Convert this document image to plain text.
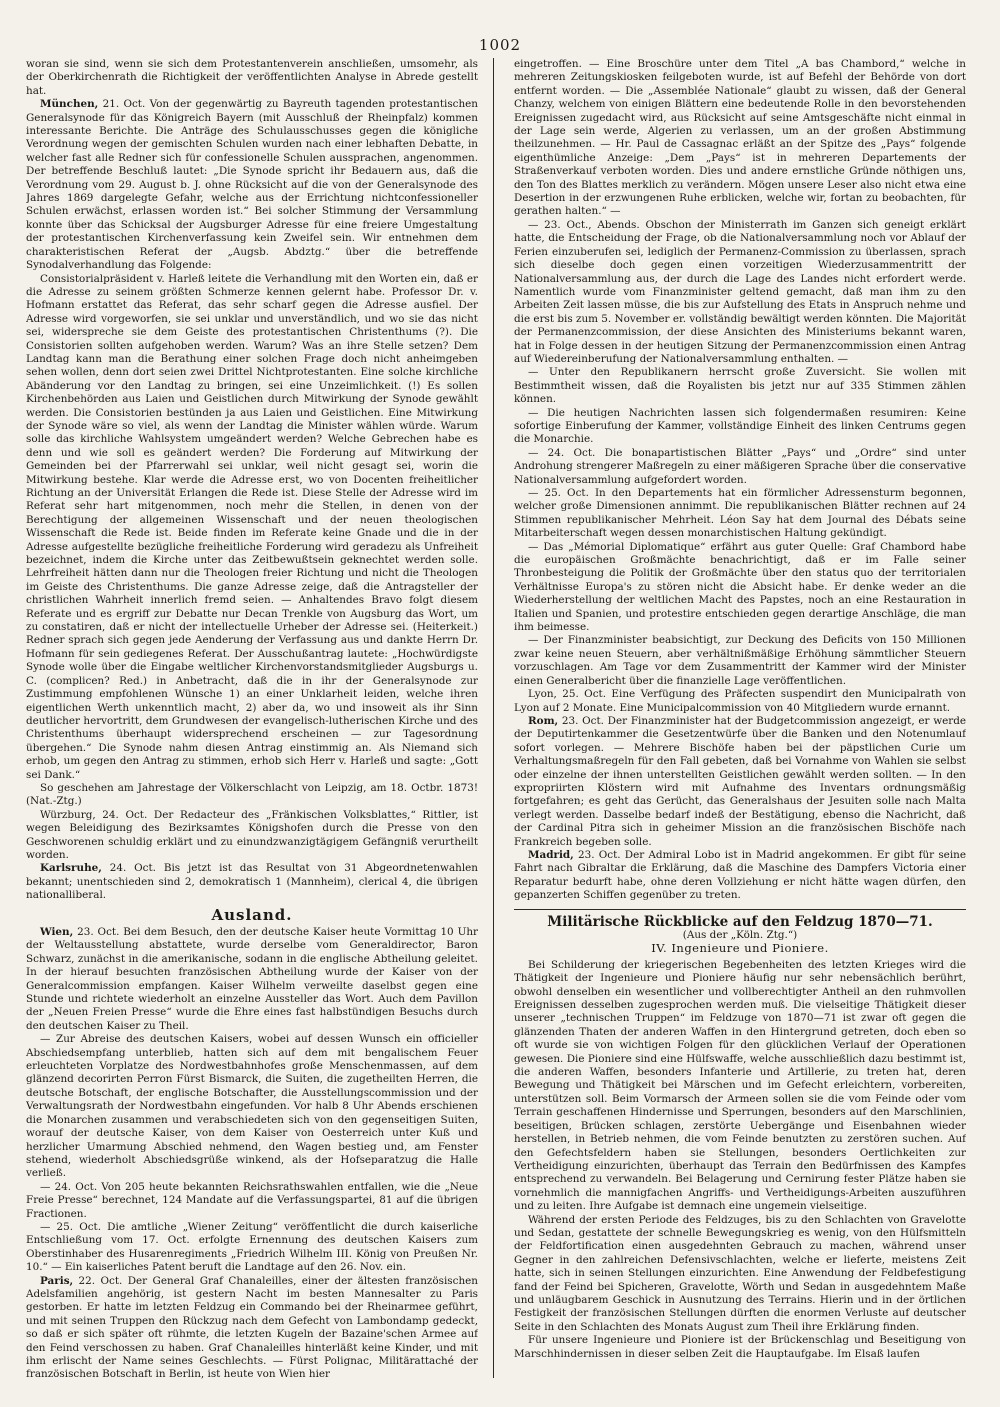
1002

woran sie sind, wenn sie sich dem Protestantenverein anschließen, umsomehr, als der Oberkirchenrath die Richtigkeit der veröffentlichten Analyse in Abrede gestellt hat.

München, 21. Oct. Von der gegenwärtig zu Bayreuth tagenden protestantischen Generalsynode für das Königreich Bayern (mit Ausschluß der Rheinpfalz) kommen interessante Berichte. Die Anträge des Schulausschusses gegen die königliche Verordnung wegen der gemischten Schulen wurden nach einer lebhaften Debatte, in welcher fast alle Redner sich für confessionelle Schulen aussprachen, angenommen. Der betreffende Beschluß lautet: „Die Synode spricht ihr Bedauern aus, daß die Verordnung vom 29. August b. J. ohne Rücksicht auf die von der Generalsynode des Jahres 1869 dargelegte Gefahr, welche aus der Errichtung nichtconfessioneller Schulen erwächst, erlassen worden ist.“ Bei solcher Stimmung der Versammlung konnte über das Schicksal der Augsburger Adresse für eine freiere Umgestaltung der protestantischen Kirchenverfassung kein Zweifel sein. Wir entnehmen dem charakteristischen Referat der „Augsb. Abdztg.“ über die betreffende Synodalverhandlung das Folgende:

Consistorialpräsident v. Harleß leitete die Verhandlung mit den Worten ein, daß er die Adresse zu seinem größten Schmerze kennen gelernt habe. Professor Dr. v. Hofmann erstattet das Referat, das sehr scharf gegen die Adresse ausfiel. Der Adresse wird vorgeworfen, sie sei unklar und unverständlich, und wo sie das nicht sei, widerspreche sie dem Geiste des protestantischen Christenthums (?). Die Consistorien sollten aufgehoben werden. Warum? Was an ihre Stelle setzen? Dem Landtag kann man die Berathung einer solchen Frage doch nicht anheimgeben sehen wollen, denn dort seien zwei Drittel Nichtprotestanten. Eine solche kirchliche Abänderung vor den Landtag zu bringen, sei eine Unzeimlichkeit. (!) Es sollen Kirchenbehörden aus Laien und Geistlichen durch Mitwirkung der Synode gewählt werden. Die Consistorien bestünden ja aus Laien und Geistlichen. Eine Mitwirkung der Synode wäre so viel, als wenn der Landtag die Minister wählen würde. Warum solle das kirchliche Wahlsystem umgeändert werden? Welche Gebrechen habe es denn und wie soll es geändert werden? Die Forderung auf Mitwirkung der Gemeinden bei der Pfarrerwahl sei unklar, weil nicht gesagt sei, worin die Mitwirkung bestehe. Klar werde die Adresse erst, wo von Docenten freiheitlicher Richtung an der Universität Erlangen die Rede ist. Diese Stelle der Adresse wird im Referat sehr hart mitgenommen, noch mehr die Stellen, in denen von der Berechtigung der allgemeinen Wissenschaft und der neuen theologischen Wissenschaft die Rede ist. Beide finden im Referate keine Gnade und die in der Adresse aufgestellte bezügliche freiheitliche Forderung wird geradezu als Unfreiheit bezeichnet, indem die Kirche unter das Zeitbewußtsein geknechtet werden solle. Lehrfreiheit hätten dann nur die Theologen freier Richtung und nicht die Theologen im Geiste des Christenthums. Die ganze Adresse zeige, daß die Antragsteller der christlichen Wahrheit innerlich fremd seien. — Anhaltendes Bravo folgt diesem Referate und es ergriff zur Debatte nur Decan Trenkle von Augsburg das Wort, um zu constatiren, daß er nicht der intellectuelle Urheber der Adresse sei. (Heiterkeit.) Redner sprach sich gegen jede Aenderung der Verfassung aus und dankte Herrn Dr. Hofmann für sein gediegenes Referat. Der Ausschußantrag lautete: „Hochwürdigste Synode wolle über die Eingabe weltlicher Kirchenvorstandsmitglieder Augsburgs u. C. (complicen? Red.) in Anbetracht, daß die in ihr der Generalsynode zur Zustimmung empfohlenen Wünsche 1) an einer Unklarheit leiden, welche ihren eigentlichen Werth unkenntlich macht, 2) aber da, wo und insoweit als ihr Sinn deutlicher hervortritt, dem Grundwesen der evangelisch-lutherischen Kirche und des Christenthums überhaupt widersprechend erscheinen — zur Tagesordnung übergehen.“ Die Synode nahm diesen Antrag einstimmig an. Als Niemand sich erhob, um gegen den Antrag zu stimmen, erhob sich Herr v. Harleß und sagte: „Gott sei Dank.“

So geschehen am Jahrestage der Völkerschlacht von Leipzig, am 18. Octbr. 1873! (Nat.-Ztg.)

Würzburg, 24. Oct. Der Redacteur des „Fränkischen Volksblattes,“ Rittler, ist wegen Beleidigung des Bezirksamtes Königshofen durch die Presse von den Geschworenen schuldig erklärt und zu einundzwanzigtägigem Gefängniß verurtheilt worden.

Karlsruhe, 24. Oct. Bis jetzt ist das Resultat von 31 Abgeordnetenwahlen bekannt; unentschieden sind 2, demokratisch 1 (Mannheim), clerical 4, die übrigen nationalliberal.

Ausland.

Wien, 23. Oct. Bei dem Besuch, den der deutsche Kaiser heute Vormittag 10 Uhr der Weltausstellung abstattete, wurde derselbe vom Generaldirector, Baron Schwarz, zunächst in die amerikanische, sodann in die englische Abtheilung geleitet. In der hierauf besuchten französischen Abtheilung wurde der Kaiser von der Generalcommission empfangen. Kaiser Wilhelm verweilte daselbst gegen eine Stunde und richtete wiederholt an einzelne Aussteller das Wort. Auch dem Pavillon der „Neuen Freien Presse“ wurde die Ehre eines fast halbstündigen Besuchs durch den deutschen Kaiser zu Theil.

— Zur Abreise des deutschen Kaisers, wobei auf dessen Wunsch ein officieller Abschiedsempfang unterblieb, hatten sich auf dem mit bengalischem Feuer erleuchteten Vorplatze des Nordwestbahnhofes große Menschenmassen, auf dem glänzend decorirten Perron Fürst Bismarck, die Suiten, die zugetheilten Herren, die deutsche Botschaft, der englische Botschafter, die Ausstellungscommission und der Verwaltungsrath der Nordwestbahn eingefunden. Vor halb 8 Uhr Abends erschienen die Monarchen zusammen und verabschiedeten sich von den gegenseitigen Suiten, worauf der deutsche Kaiser, von dem Kaiser von Oesterreich unter Kuß und herzlicher Umarmung Abschied nehmend, den Wagen bestieg und, am Fenster stehend, wiederholt Abschiedsgrüße winkend, als der Hofseparatzug die Halle verließ.

— 24. Oct. Von 205 heute bekannten Reichsrathswahlen entfallen, wie die „Neue Freie Presse“ berechnet, 124 Mandate auf die Verfassungspartei, 81 auf die übrigen Fractionen.

— 25. Oct. Die amtliche „Wiener Zeitung“ veröffentlicht die durch kaiserliche Entschließung vom 17. Oct. erfolgte Ernennung des deutschen Kaisers zum Oberstinhaber des Husarenregiments „Friedrich Wilhelm III. König von Preußen Nr. 10.“ — Ein kaiserliches Patent beruft die Landtage auf den 26. Nov. ein.

Paris, 22. Oct. Der General Graf Chanaleilles, einer der ältesten französischen Adelsfamilien angehörig, ist gestern Nacht im besten Mannesalter zu Paris gestorben. Er hatte im letzten Feldzug ein Commando bei der Rheinarmee geführt, und mit seinen Truppen den Rückzug nach dem Gefecht von Lambondamp gedeckt, so daß er sich später oft rühmte, die letzten Kugeln der Bazaine'schen Armee auf den Feind verschossen zu haben. Graf Chanaleilles hinterläßt keine Kinder, und mit ihm erlischt der Name seines Geschlechts. — Fürst Polignac, Militärattaché der französischen Botschaft in Berlin, ist heute von Wien hier

eingetroffen. — Eine Broschüre unter dem Titel „A bas Chambord,“ welche in mehreren Zeitungskiosken feilgeboten wurde, ist auf Befehl der Behörde von dort entfernt worden. — Die „Assemblée Nationale“ glaubt zu wissen, daß der General Chanzy, welchem von einigen Blättern eine bedeutende Rolle in den bevorstehenden Ereignissen zugedacht wird, aus Rücksicht auf seine Amtsgeschäfte nicht einmal in der Lage sein werde, Algerien zu verlassen, um an der großen Abstimmung theilzunehmen. — Hr. Paul de Cassagnac erläßt an der Spitze des „Pays“ folgende eigenthümliche Anzeige: „Dem „Pays“ ist in mehreren Departements der Straßenverkauf verboten worden. Dies und andere ernstliche Gründe nöthigen uns, den Ton des Blattes merklich zu verändern. Mögen unsere Leser also nicht etwa eine Desertion in der erzwungenen Ruhe erblicken, welche wir, fortan zu beobachten, für gerathen halten.“ —

— 23. Oct., Abends. Obschon der Ministerrath im Ganzen sich geneigt erklärt hatte, die Entscheidung der Frage, ob die Nationalversammlung noch vor Ablauf der Ferien einzuberufen sei, lediglich der Permanenz-Commission zu überlassen, sprach sich dieselbe doch gegen einen vorzeitigen Wiederzusammentritt der Nationalversammlung aus, der durch die Lage des Landes nicht erfordert werde. Namentlich wurde vom Finanzminister geltend gemacht, daß man ihm zu den Arbeiten Zeit lassen müsse, die bis zur Aufstellung des Etats in Anspruch nehme und die erst bis zum 5. November er. vollständig bewältigt werden könnten. Die Majorität der Permanenzcommission, der diese Ansichten des Ministeriums bekannt waren, hat in Folge dessen in der heutigen Sitzung der Permanenzcommission einen Antrag auf Wiedereinberufung der Nationalversammlung enthalten. —

— Unter den Republikanern herrscht große Zuversicht. Sie wollen mit Bestimmtheit wissen, daß die Royalisten bis jetzt nur auf 335 Stimmen zählen können.

— Die heutigen Nachrichten lassen sich folgendermaßen resumiren: Keine sofortige Einberufung der Kammer, vollständige Einheit des linken Centrums gegen die Monarchie.

— 24. Oct. Die bonapartistischen Blätter „Pays“ und „Ordre“ sind unter Androhung strengerer Maßregeln zu einer mäßigeren Sprache über die conservative Nationalversammlung aufgefordert worden.

— 25. Oct. In den Departements hat ein förmlicher Adressensturm begonnen, welcher große Dimensionen annimmt. Die republikanischen Blätter rechnen auf 24 Stimmen republikanischer Mehrheit. Léon Say hat dem Journal des Débats seine Mitarbeiterschaft wegen dessen monarchistischen Haltung gekündigt.

— Das „Mémorial Diplomatique“ erfährt aus guter Quelle: Graf Chambord habe die europäischen Großmächte benachrichtigt, daß er im Falle seiner Thronbesteigung die Politik der Großmächte über den status quo der territorialen Verhältnisse Europa's zu stören nicht die Absicht habe. Er denke weder an die Wiederherstellung der weltlichen Macht des Papstes, noch an eine Restauration in Italien und Spanien, und protestire entschieden gegen derartige Anschläge, die man ihm beimesse.

— Der Finanzminister beabsichtigt, zur Deckung des Deficits von 150 Millionen zwar keine neuen Steuern, aber verhältnißmäßige Erhöhung sämmtlicher Steuern vorzuschlagen. Am Tage vor dem Zusammentritt der Kammer wird der Minister einen Generalbericht über die finanzielle Lage veröffentlichen.

Lyon, 25. Oct. Eine Verfügung des Präfecten suspendirt den Municipalrath von Lyon auf 2 Monate. Eine Municipalcommission von 40 Mitgliedern wurde ernannt.

Rom, 23. Oct. Der Finanzminister hat der Budgetcommission angezeigt, er werde der Deputirtenkammer die Gesetzentwürfe über die Banken und den Notenumlauf sofort vorlegen. — Mehrere Bischöfe haben bei der päpstlichen Curie um Verhaltungsmaßregeln für den Fall gebeten, daß bei Vornahme von Wahlen sie selbst oder einzelne der ihnen unterstellten Geistlichen gewählt werden sollten. — In den expropriirten Klöstern wird mit Aufnahme des Inventars ordnungsmäßig fortgefahren; es geht das Gerücht, das Generalshaus der Jesuiten solle nach Malta verlegt werden. Dasselbe bedarf indeß der Bestätigung, ebenso die Nachricht, daß der Cardinal Pitra sich in geheimer Mission an die französischen Bischöfe nach Frankreich begeben solle.

Madrid, 23. Oct. Der Admiral Lobo ist in Madrid angekommen. Er gibt für seine Fahrt nach Gibraltar die Erklärung, daß die Maschine des Dampfers Victoria einer Reparatur bedurft habe, ohne deren Vollziehung er nicht hätte wagen dürfen, den gepanzerten Schiffen gegenüber zu treten.

Militärische Rückblicke auf den Feldzug 1870—71.
(Aus der „Köln. Ztg.“)
IV. Ingenieure und Pioniere.

Bei Schilderung der kriegerischen Begebenheiten des letzten Krieges wird die Thätigkeit der Ingenieure und Pioniere häufig nur sehr nebensächlich berührt, obwohl denselben ein wesentlicher und vollberechtigter Antheil an den ruhmvollen Ereignissen desselben zugesprochen werden muß. Die vielseitige Thätigkeit dieser unserer „technischen Truppen“ im Feldzuge von 1870—71 ist zwar oft gegen die glänzenden Thaten der anderen Waffen in den Hintergrund getreten, doch eben so oft wurde sie von wichtigen Folgen für den glücklichen Verlauf der Operationen gewesen. Die Pioniere sind eine Hülfswaffe, welche ausschließlich dazu bestimmt ist, die anderen Waffen, besonders Infanterie und Artillerie, zu treten hat, deren Bewegung und Thätigkeit bei Märschen und im Gefecht erleichtern, vorbereiten, unterstützen soll. Beim Vormarsch der Armeen sollen sie die vom Feinde oder vom Terrain geschaffenen Hindernisse und Sperrungen, besonders auf den Marschlinien, beseitigen, Brücken schlagen, zerstörte Uebergänge und Eisenbahnen wieder herstellen, in Betrieb nehmen, die vom Feinde benutzten zu zerstören suchen. Auf den Gefechtsfeldern haben sie Stellungen, besonders Oertlichkeiten zur Vertheidigung einzurichten, überhaupt das Terrain den Bedürfnissen des Kampfes entsprechend zu verwandeln. Bei Belagerung und Cernirung fester Plätze haben sie vornehmlich die mannigfachen Angriffs- und Vertheidigungs-Arbeiten auszuführen und zu leiten. Ihre Aufgabe ist demnach eine ungemein vielseitige.

Während der ersten Periode des Feldzuges, bis zu den Schlachten von Gravelotte und Sedan, gestattete der schnelle Bewegungskrieg es wenig, von den Hülfsmitteln der Feldfortification einen ausgedehnten Gebrauch zu machen, während unser Gegner in den zahlreichen Defensivschlachten, welche er lieferte, meistens Zeit hatte, sich in seinen Stellungen einzurichten. Eine Anwendung der Feldbefestigung fand der Feind bei Spicheren, Gravelotte, Wörth und Sedan in ausgedehntem Maße und unläugbarem Geschick in Ausnutzung des Terrains. Hierin und in der örtlichen Festigkeit der französischen Stellungen dürften die enormen Verluste auf deutscher Seite in den Schlachten des Monats August zum Theil ihre Erklärung finden.

Für unsere Ingenieure und Pioniere ist der Brückenschlag und Beseitigung von Marschhindernissen in dieser selben Zeit die Hauptaufgabe. Im Elsaß laufen
